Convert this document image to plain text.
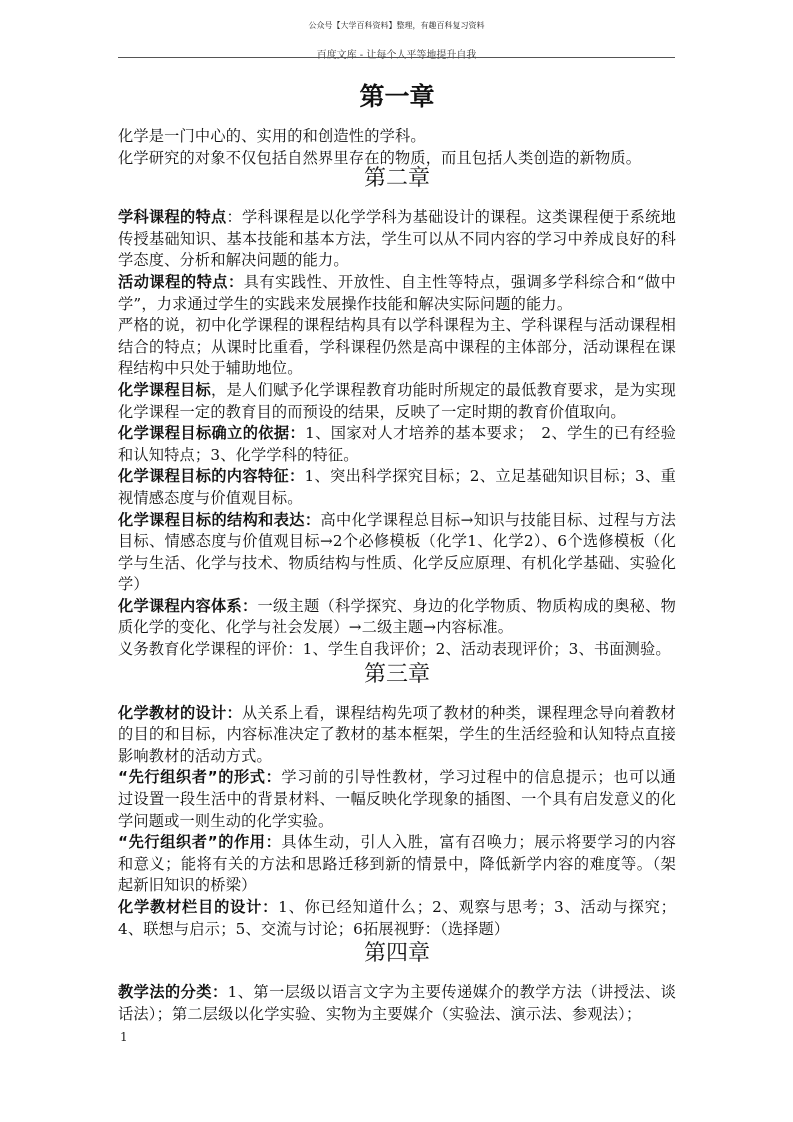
公众号【大学百科资料】整理，有趣百科复习资料
百度文库 - 让每个人平等地提升自我
第一章

化学是一门中心的、实用的和创造性的学科。

化学研究的对象不仅包括自然界里存在的物质，而且包括人类创造的新物质。

第二章

学科课程的特点：学科课程是以化学学科为基础设计的课程。这类课程便于系统地传授基础知识、基本技能和基本方法，学生可以从不同内容的学习中养成良好的科学态度、分析和解决问题的能力。

活动课程的特点：具有实践性、开放性、自主性等特点，强调多学科综合和“做中学”，力求通过学生的实践来发展操作技能和解决实际问题的能力。

严格的说，初中化学课程的课程结构具有以学科课程为主、学科课程与活动课程相结合的特点；从课时比重看，学科课程仍然是高中课程的主体部分，活动课程在课程结构中只处于辅助地位。

化学课程目标，是人们赋予化学课程教育功能时所规定的最低教育要求，是为实现化学课程一定的教育目的而预设的结果，反映了一定时期的教育价值取向。

化学课程目标确立的依据：1、国家对人才培养的基本要求；　2、学生的已有经验和认知特点；3、化学学科的特征。

化学课程目标的内容特征：1、突出科学探究目标；2、立足基础知识目标；3、重视情感态度与价值观目标。

化学课程目标的结构和表达：高中化学课程总目标→知识与技能目标、过程与方法目标、情感态度与价值观目标→2个必修模板（化学1、化学2）、6个选修模板（化学与生活、化学与技术、物质结构与性质、化学反应原理、有机化学基础、实验化学）

化学课程内容体系：一级主题（科学探究、身边的化学物质、物质构成的奥秘、物质化学的变化、化学与社会发展）→二级主题→内容标准。

义务教育化学课程的评价：1、学生自我评价；2、活动表现评价；3、书面测验。

第三章

化学教材的设计：从关系上看，课程结构先项了教材的种类，课程理念导向着教材的目的和目标，内容标准决定了教材的基本框架，学生的生活经验和认知特点直接影响教材的活动方式。

“先行组织者”的形式：学习前的引导性教材，学习过程中的信息提示；也可以通过设置一段生活中的背景材料、一幅反映化学现象的插图、一个具有启发意义的化学问题或一则生动的化学实验。

“先行组织者”的作用：具体生动，引人入胜，富有召唤力；展示将要学习的内容和意义；能将有关的方法和思路迁移到新的情景中，降低新学内容的难度等。（架起新旧知识的桥梁）

化学教材栏目的设计：1、你已经知道什么；2、观察与思考；3、活动与探究；4、联想与启示；5、交流与讨论；6拓展视野：（选择题）

第四章

教学法的分类：1、第一层级以语言文字为主要传递媒介的教学方法（讲授法、谈话法）；第二层级以化学实验、实物为主要媒介（实验法、演示法、参观法）；

1
